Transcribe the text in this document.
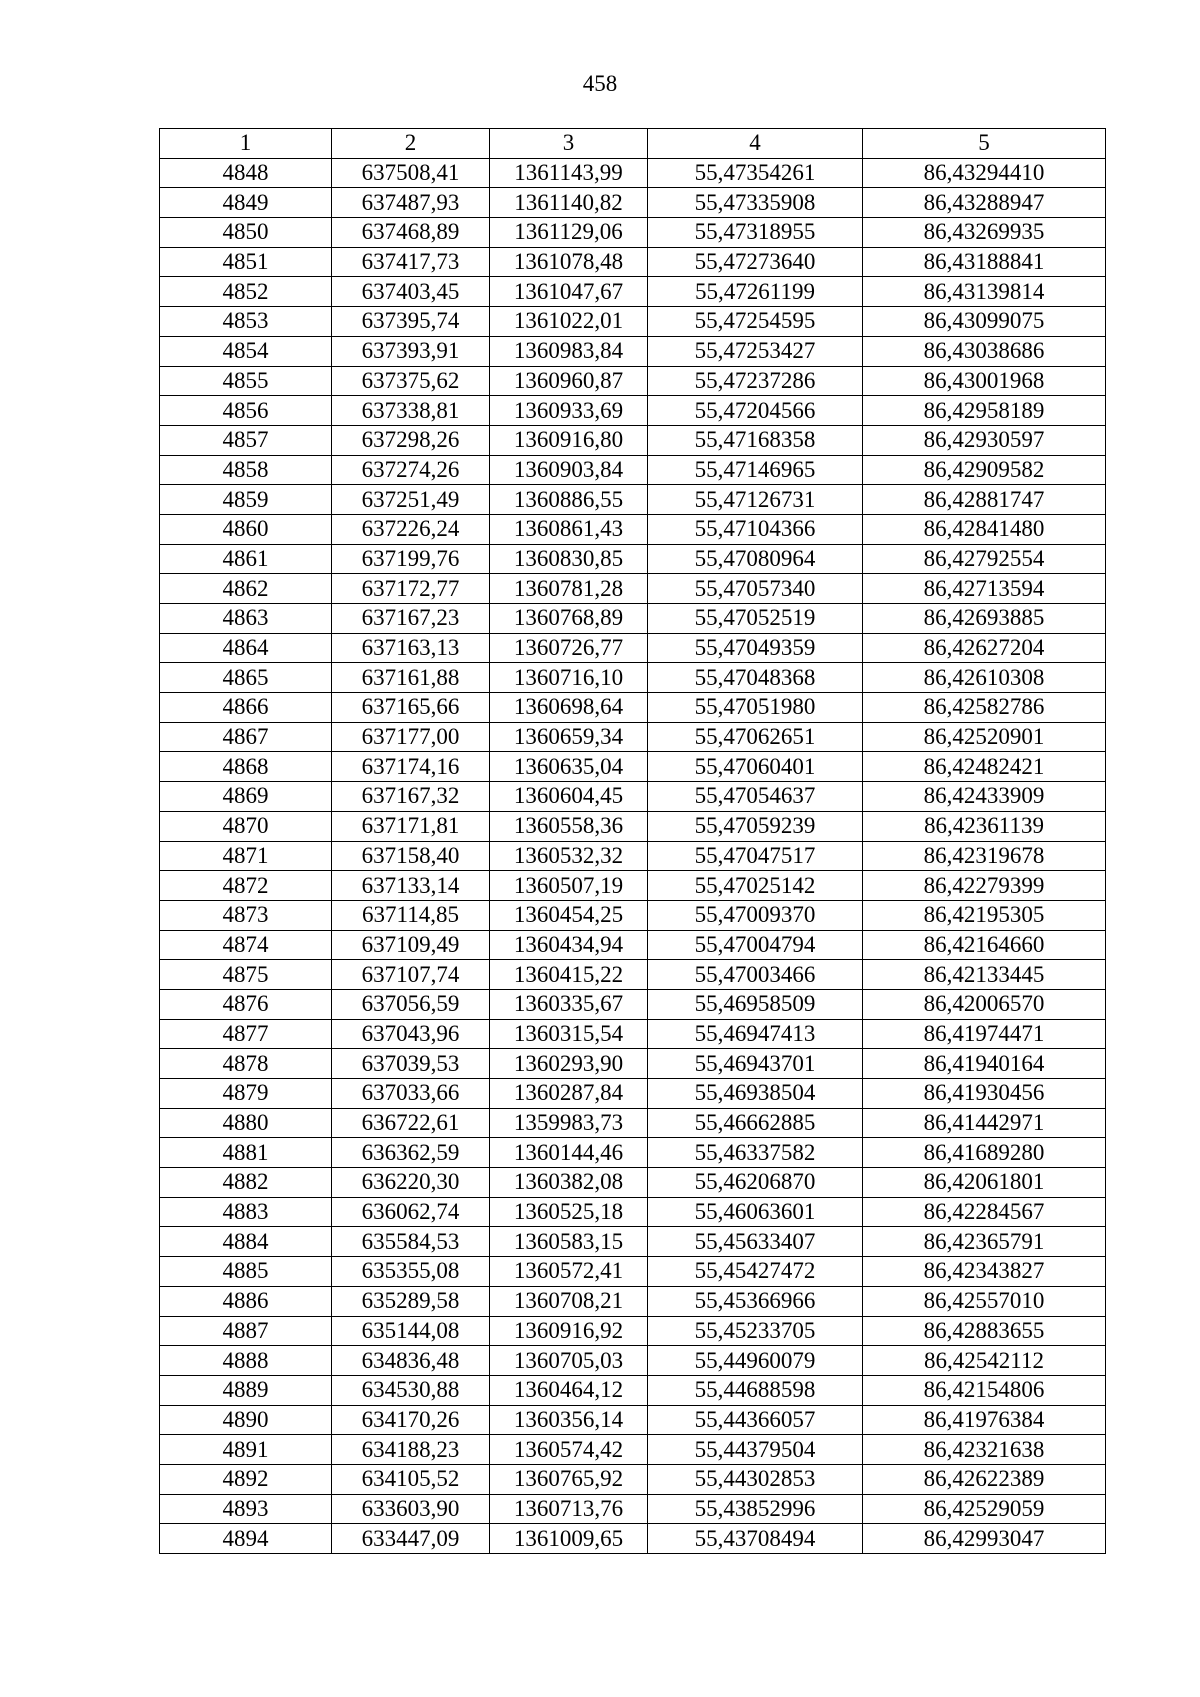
458
1	2	3	4	5
4848	637508,41	1361143,99	55,47354261	86,43294410
4849	637487,93	1361140,82	55,47335908	86,43288947
4850	637468,89	1361129,06	55,47318955	86,43269935
4851	637417,73	1361078,48	55,47273640	86,43188841
4852	637403,45	1361047,67	55,47261199	86,43139814
4853	637395,74	1361022,01	55,47254595	86,43099075
4854	637393,91	1360983,84	55,47253427	86,43038686
4855	637375,62	1360960,87	55,47237286	86,43001968
4856	637338,81	1360933,69	55,47204566	86,42958189
4857	637298,26	1360916,80	55,47168358	86,42930597
4858	637274,26	1360903,84	55,47146965	86,42909582
4859	637251,49	1360886,55	55,47126731	86,42881747
4860	637226,24	1360861,43	55,47104366	86,42841480
4861	637199,76	1360830,85	55,47080964	86,42792554
4862	637172,77	1360781,28	55,47057340	86,42713594
4863	637167,23	1360768,89	55,47052519	86,42693885
4864	637163,13	1360726,77	55,47049359	86,42627204
4865	637161,88	1360716,10	55,47048368	86,42610308
4866	637165,66	1360698,64	55,47051980	86,42582786
4867	637177,00	1360659,34	55,47062651	86,42520901
4868	637174,16	1360635,04	55,47060401	86,42482421
4869	637167,32	1360604,45	55,47054637	86,42433909
4870	637171,81	1360558,36	55,47059239	86,42361139
4871	637158,40	1360532,32	55,47047517	86,42319678
4872	637133,14	1360507,19	55,47025142	86,42279399
4873	637114,85	1360454,25	55,47009370	86,42195305
4874	637109,49	1360434,94	55,47004794	86,42164660
4875	637107,74	1360415,22	55,47003466	86,42133445
4876	637056,59	1360335,67	55,46958509	86,42006570
4877	637043,96	1360315,54	55,46947413	86,41974471
4878	637039,53	1360293,90	55,46943701	86,41940164
4879	637033,66	1360287,84	55,46938504	86,41930456
4880	636722,61	1359983,73	55,46662885	86,41442971
4881	636362,59	1360144,46	55,46337582	86,41689280
4882	636220,30	1360382,08	55,46206870	86,42061801
4883	636062,74	1360525,18	55,46063601	86,42284567
4884	635584,53	1360583,15	55,45633407	86,42365791
4885	635355,08	1360572,41	55,45427472	86,42343827
4886	635289,58	1360708,21	55,45366966	86,42557010
4887	635144,08	1360916,92	55,45233705	86,42883655
4888	634836,48	1360705,03	55,44960079	86,42542112
4889	634530,88	1360464,12	55,44688598	86,42154806
4890	634170,26	1360356,14	55,44366057	86,41976384
4891	634188,23	1360574,42	55,44379504	86,42321638
4892	634105,52	1360765,92	55,44302853	86,42622389
4893	633603,90	1360713,76	55,43852996	86,42529059
4894	633447,09	1361009,65	55,43708494	86,42993047
